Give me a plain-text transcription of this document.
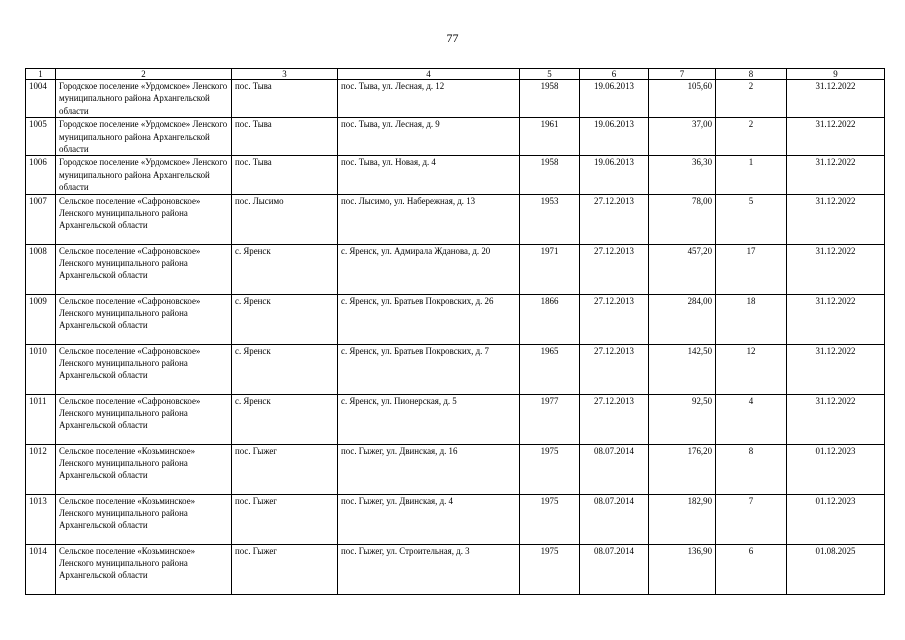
77
1	2	3	4	5	6	7	8	9
1004	Городское поселение «Урдомское» Ленского муниципального района Архангельской области	пос. Тыва	пос. Тыва, ул. Лесная, д. 12	1958	19.06.2013	105,60	2	31.12.2022
1005	Городское поселение «Урдомское» Ленского муниципального района Архангельской области	пос. Тыва	пос. Тыва, ул. Лесная, д. 9	1961	19.06.2013	37,00	2	31.12.2022
1006	Городское поселение «Урдомское» Ленского муниципального района Архангельской области	пос. Тыва	пос. Тыва, ул. Новая, д. 4	1958	19.06.2013	36,30	1	31.12.2022
1007	Сельское поселение «Сафроновское» Ленского муниципального района Архангельской области	пос. Лысимо	пос. Лысимо, ул. Набережная, д. 13	1953	27.12.2013	78,00	5	31.12.2022
1008	Сельское поселение «Сафроновское» Ленского муниципального района Архангельской области	с. Яренск	с. Яренск, ул. Адмирала Жданова, д. 20	1971	27.12.2013	457,20	17	31.12.2022
1009	Сельское поселение «Сафроновское» Ленского муниципального района Архангельской области	с. Яренск	с. Яренск, ул. Братьев Покровских, д. 26	1866	27.12.2013	284,00	18	31.12.2022
1010	Сельское поселение «Сафроновское» Ленского муниципального района Архангельской области	с. Яренск	с. Яренск, ул. Братьев Покровских, д. 7	1965	27.12.2013	142,50	12	31.12.2022
1011	Сельское поселение «Сафроновское» Ленского муниципального района Архангельской области	с. Яренск	с. Яренск, ул. Пионерская, д. 5	1977	27.12.2013	92,50	4	31.12.2022
1012	Сельское поселение «Козьминское» Ленского муниципального района Архангельской области	пос. Гыжег	пос. Гыжег, ул. Двинская, д. 16	1975	08.07.2014	176,20	8	01.12.2023
1013	Сельское поселение «Козьминское» Ленского муниципального района Архангельской области	пос. Гыжег	пос. Гыжег, ул. Двинская, д. 4	1975	08.07.2014	182,90	7	01.12.2023
1014	Сельское поселение «Козьминское» Ленского муниципального района Архангельской области	пос. Гыжег	пос. Гыжег, ул. Строительная, д. 3	1975	08.07.2014	136,90	6	01.08.2025
